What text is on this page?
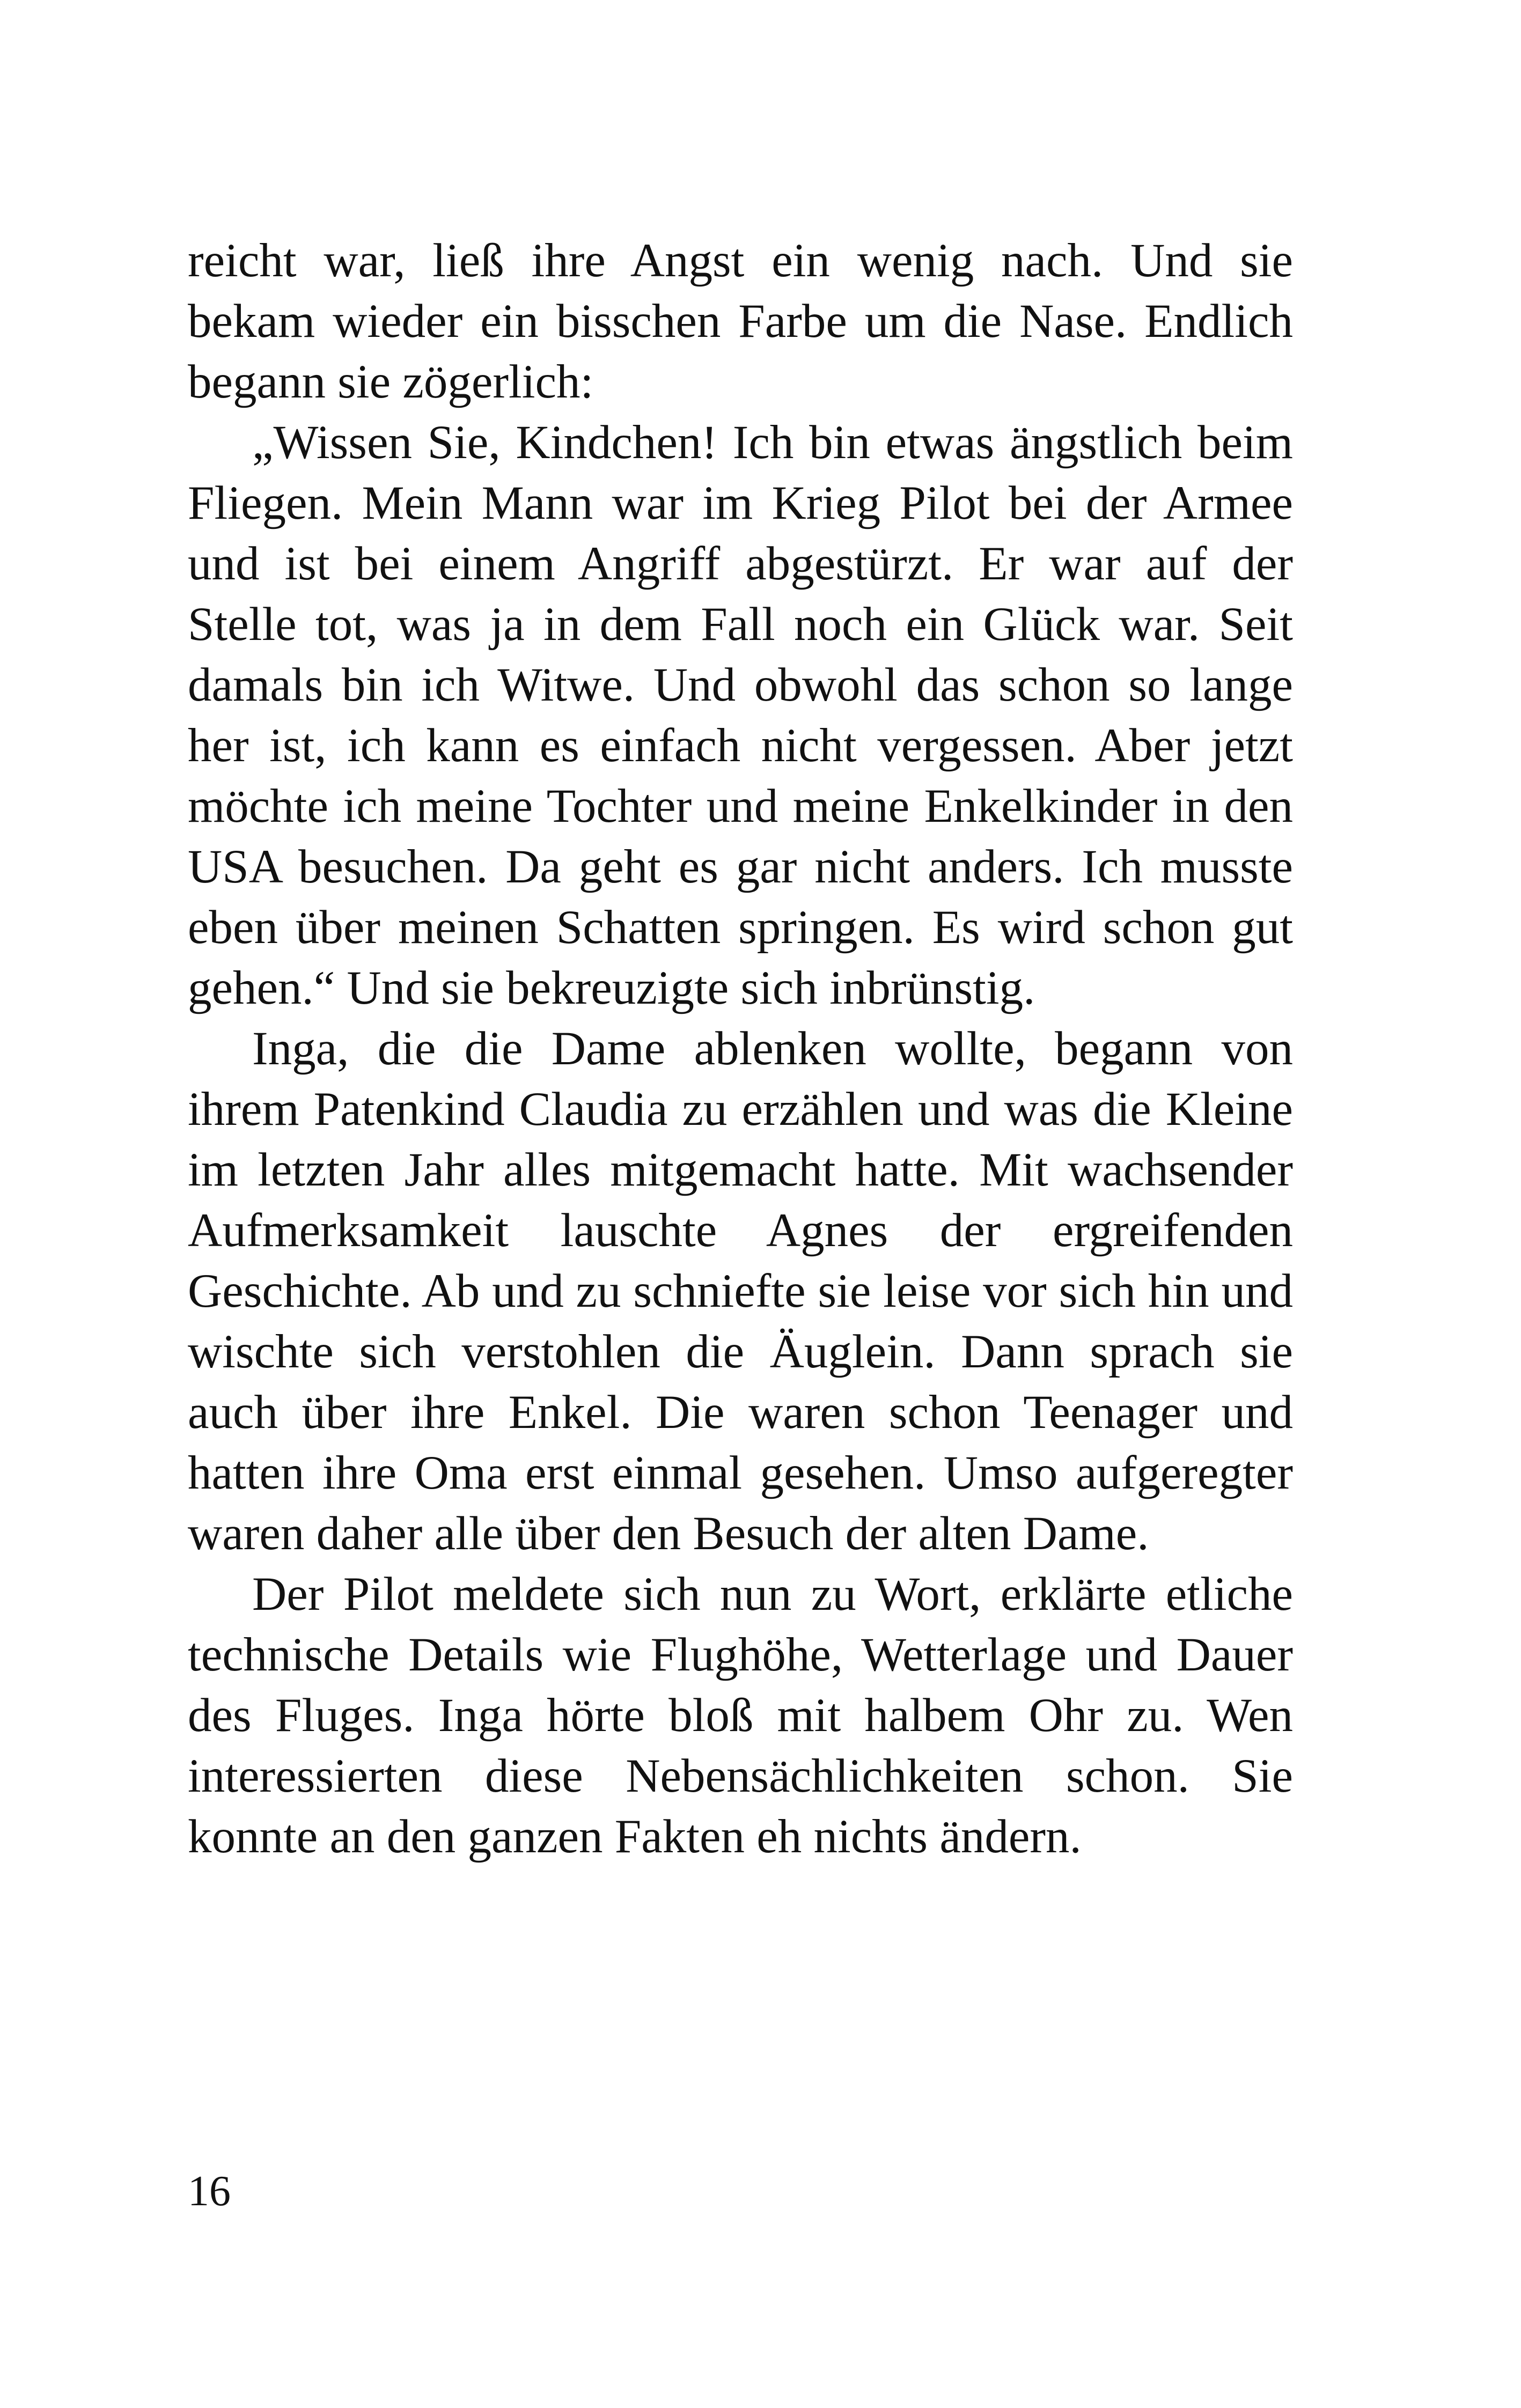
reicht war, ließ ihre Angst ein wenig nach. Und sie bekam wieder ein bisschen Farbe um die Nase. Endlich begann sie zögerlich:

„Wissen Sie, Kindchen! Ich bin etwas ängstlich beim Fliegen. Mein Mann war im Krieg Pilot bei der Armee und ist bei einem Angriff abgestürzt. Er war auf der Stelle tot, was ja in dem Fall noch ein Glück war. Seit damals bin ich Witwe. Und obwohl das schon so lange her ist, ich kann es einfach nicht vergessen. Aber jetzt möchte ich meine Tochter und meine Enkelkinder in den USA besuchen. Da geht es gar nicht anders. Ich musste eben über meinen Schatten springen. Es wird schon gut gehen.“ Und sie bekreuzigte sich inbrünstig.

Inga, die die Dame ablenken wollte, begann von ihrem Patenkind Claudia zu erzählen und was die Kleine im letzten Jahr alles mitgemacht hatte. Mit wachsender Aufmerksamkeit lauschte Agnes der ergreifenden Geschichte. Ab und zu schniefte sie leise vor sich hin und wischte sich verstohlen die Äuglein. Dann sprach sie auch über ihre Enkel. Die waren schon Teenager und hatten ihre Oma erst einmal gesehen. Umso aufgeregter waren daher alle über den Besuch der alten Dame.

Der Pilot meldete sich nun zu Wort, erklärte etliche technische Details wie Flughöhe, Wetterlage und Dauer des Fluges. Inga hörte bloß mit halbem Ohr zu. Wen interessierten diese Nebensächlichkeiten schon. Sie konnte an den ganzen Fakten eh nichts ändern.

16
